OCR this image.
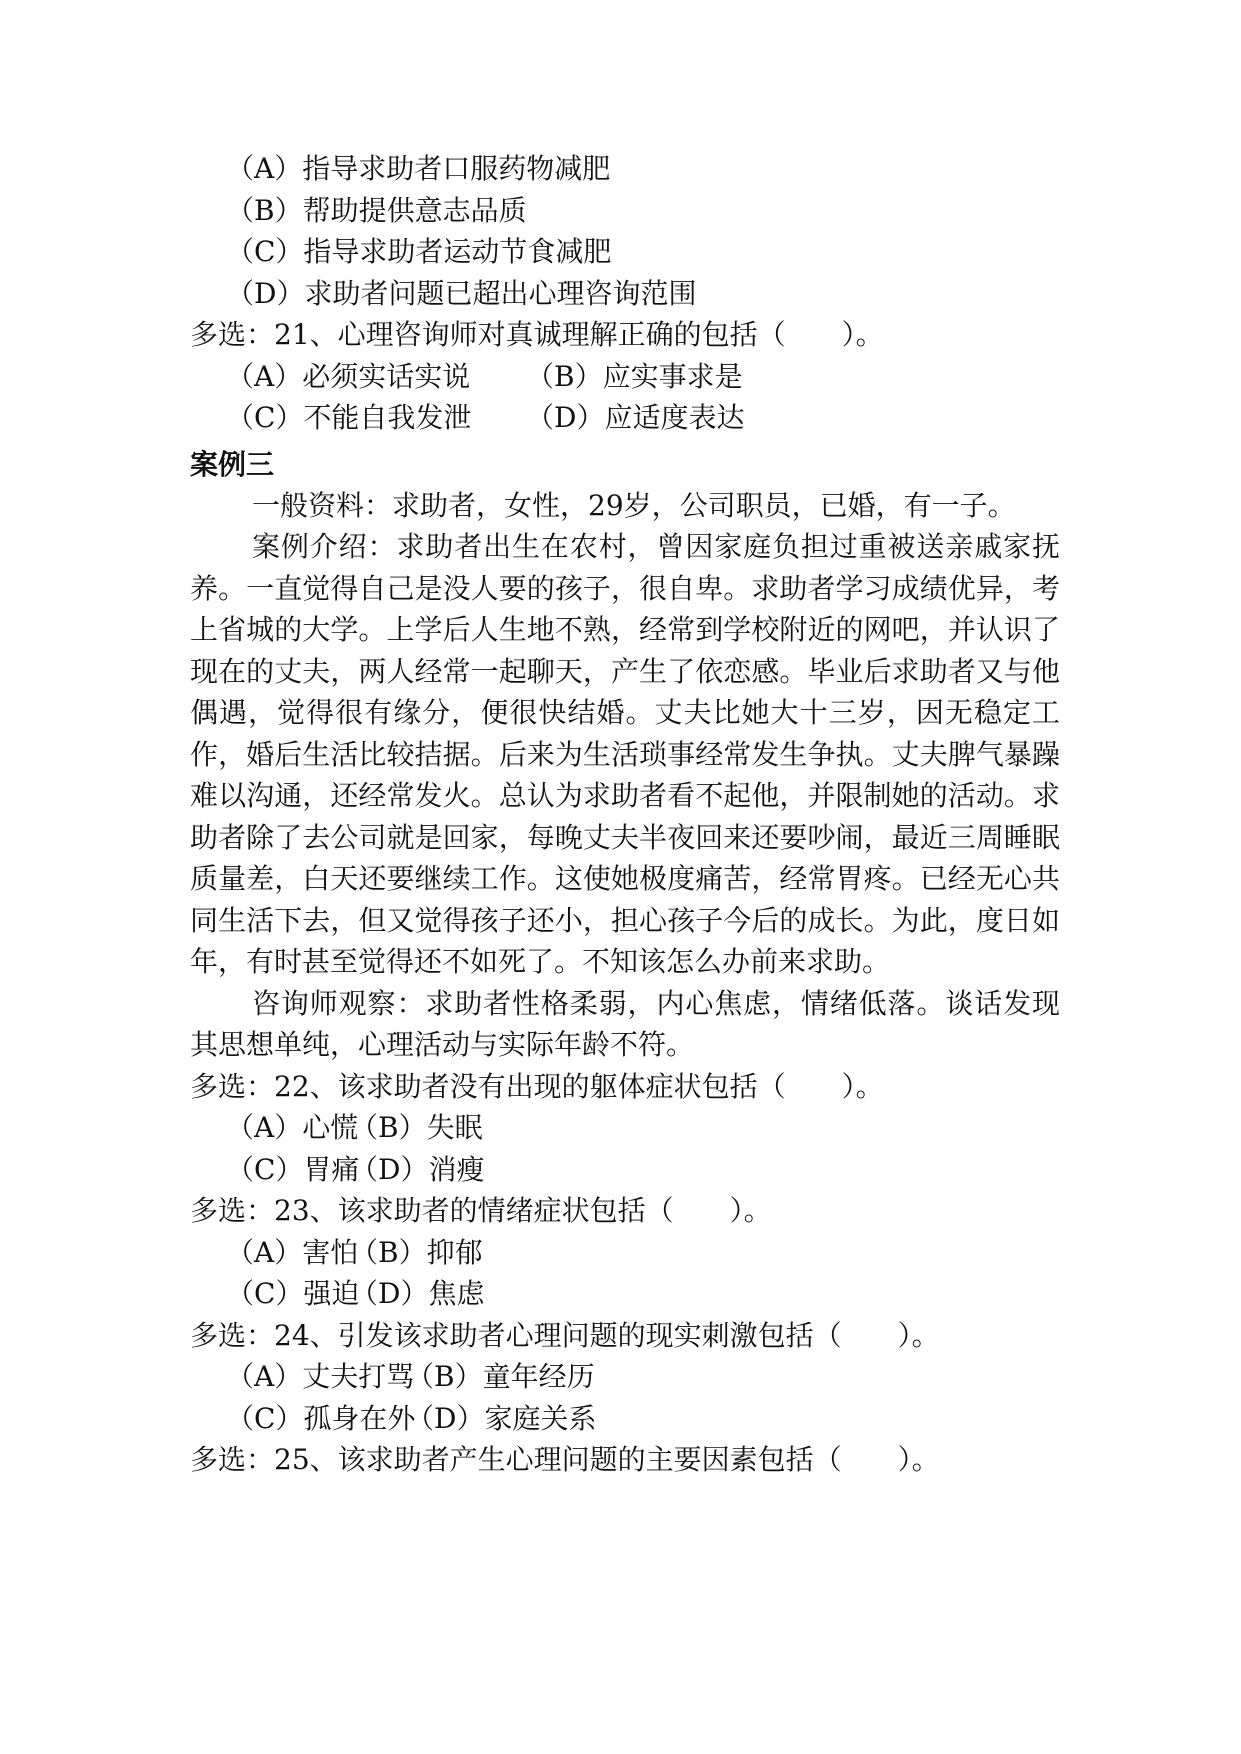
（A）指导求助者口服药物减肥
（B）帮助提供意志品质
（C）指导求助者运动节食减肥
（D）求助者问题已超出心理咨询范围
多选：21、心理咨询师对真诚理解正确的包括（　　）。
（A）必须实话实说 （B）应实事求是
（C）不能自我发泄 （D）应适度表达
案例三
一般资料：求助者，女性，29岁，公司职员，已婚，有一子。
案例介绍：求助者出生在农村，曾因家庭负担过重被送亲戚家抚养。一直觉得自己是没人要的孩子，很自卑。求助者学习成绩优异，考上省城的大学。上学后人生地不熟，经常到学校附近的网吧，并认识了现在的丈夫，两人经常一起聊天，产生了依恋感。毕业后求助者又与他偶遇，觉得很有缘分，便很快结婚。丈夫比她大十三岁，因无稳定工作，婚后生活比较拮据。后来为生活琐事经常发生争执。丈夫脾气暴躁难以沟通，还经常发火。总认为求助者看不起他，并限制她的活动。求助者除了去公司就是回家，每晚丈夫半夜回来还要吵闹，最近三周睡眠质量差，白天还要继续工作。这使她极度痛苦，经常胃疼。已经无心共同生活下去，但又觉得孩子还小，担心孩子今后的成长。为此，度日如年，有时甚至觉得还不如死了。不知该怎么办前来求助。
咨询师观察：求助者性格柔弱，内心焦虑，情绪低落。谈话发现其思想单纯，心理活动与实际年龄不符。
多选：22、该求助者没有出现的躯体症状包括（　　）。
（A）心慌（B）失眠
（C）胃痛（D）消瘦
多选：23、该求助者的情绪症状包括（　　）。
（A）害怕（B）抑郁
（C）强迫（D）焦虑
多选：24、引发该求助者心理问题的现实刺激包括（　　）。
（A）丈夫打骂（B）童年经历
（C）孤身在外（D）家庭关系
多选：25、该求助者产生心理问题的主要因素包括（　　）。
